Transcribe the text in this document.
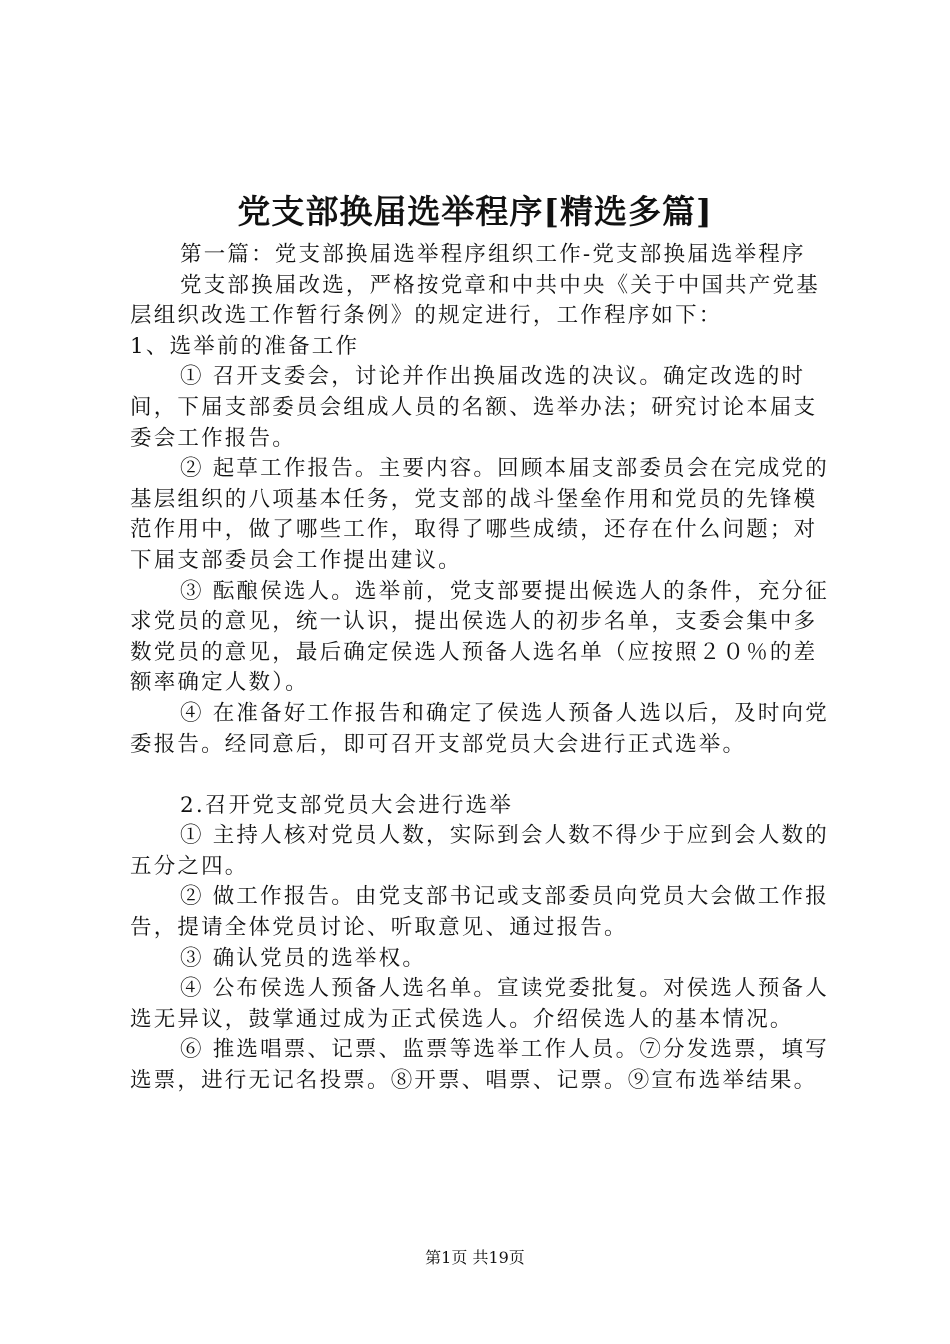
党支部换届选举程序[精选多篇]

第一篇：党支部换届选举程序组织工作-党支部换届选举程序

党支部换届改选，严格按党章和中共中央《关于中国共产党基层组织改选工作暂行条例》的规定进行，工作程序如下：

1、选举前的准备工作

① 召开支委会，讨论并作出换届改选的决议。确定改选的时间，下届支部委员会组成人员的名额、选举办法；研究讨论本届支委会工作报告。

② 起草工作报告。主要内容。回顾本届支部委员会在完成党的基层组织的八项基本任务，党支部的战斗堡垒作用和党员的先锋模范作用中，做了哪些工作，取得了哪些成绩，还存在什么问题；对下届支部委员会工作提出建议。

③ 酝酿侯选人。选举前，党支部要提出候选人的条件，充分征求党员的意见，统一认识，提出侯选人的初步名单，支委会集中多数党员的意见，最后确定侯选人预备人选名单（应按照２０％的差额率确定人数）。

④ 在准备好工作报告和确定了侯选人预备人选以后，及时向党委报告。经同意后，即可召开支部党员大会进行正式选举。

2.召开党支部党员大会进行选举

① 主持人核对党员人数，实际到会人数不得少于应到会人数的五分之四。

② 做工作报告。由党支部书记或支部委员向党员大会做工作报告，提请全体党员讨论、听取意见、通过报告。

③ 确认党员的选举权。

④ 公布侯选人预备人选名单。宣读党委批复。对侯选人预备人选无异议，鼓掌通过成为正式侯选人。介绍侯选人的基本情况。

⑥ 推选唱票、记票、监票等选举工作人员。⑦分发选票，填写选票，进行无记名投票。⑧开票、唱票、记票。⑨宣布选举结果。

第1页 共19页
